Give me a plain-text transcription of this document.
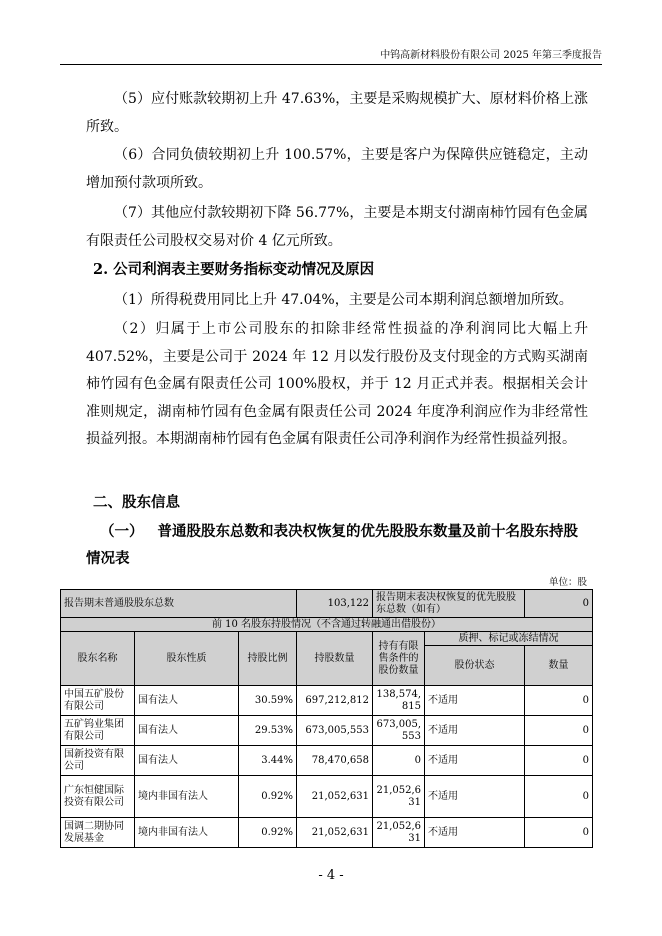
中钨高新材料股份有限公司 2025 年第三季度报告

（5）应付账款较期初上升 47.63%，主要是采购规模扩大、原材料价格上涨所致。

（6）合同负债较期初上升 100.57%，主要是客户为保障供应链稳定，主动增加预付款项所致。

（7）其他应付款较期初下降 56.77%，主要是本期支付湖南柿竹园有色金属有限责任公司股权交易对价 4 亿元所致。

2. 公司利润表主要财务指标变动情况及原因

（1）所得税费用同比上升 47.04%，主要是公司本期利润总额增加所致。

（2）归属于上市公司股东的扣除非经常性损益的净利润同比大幅上升 407.52%，主要是公司于 2024 年 12 月以发行股份及支付现金的方式购买湖南柿竹园有色金属有限责任公司 100%股权，并于 12 月正式并表。根据相关会计准则规定，湖南柿竹园有色金属有限责任公司 2024 年度净利润应作为非经常性损益列报。本期湖南柿竹园有色金属有限责任公司净利润作为经常性损益列报。

二、股东信息

（一） 普通股股东总数和表决权恢复的优先股股东数量及前十名股东持股情况表
单位：股
报告期末普通股股东总数			103,122	报告期末表决权恢复的优先股股东总数（如有）		0
前 10 名股东持股情况（不含通过转融通出借股份）						
股东名称	股东性质	持股比例	持股数量	持有有限售条件的股份数量	质押、标记或冻结情况	
					股份状态	数量
中国五矿股份有限公司	国有法人	30.59%	697,212,812	138,574,815	不适用	0
五矿钨业集团有限公司	国有法人	29.53%	673,005,553	673,005,553	不适用	0
国新投资有限公司	国有法人	3.44%	78,470,658	0	不适用	0
广东恒健国际投资有限公司	境内非国有法人	0.92%	21,052,631	21,052,631	不适用	0
国调二期协同发展基金	境内非国有法人	0.92%	21,052,631	21,052,631	不适用	0
- 4 -
